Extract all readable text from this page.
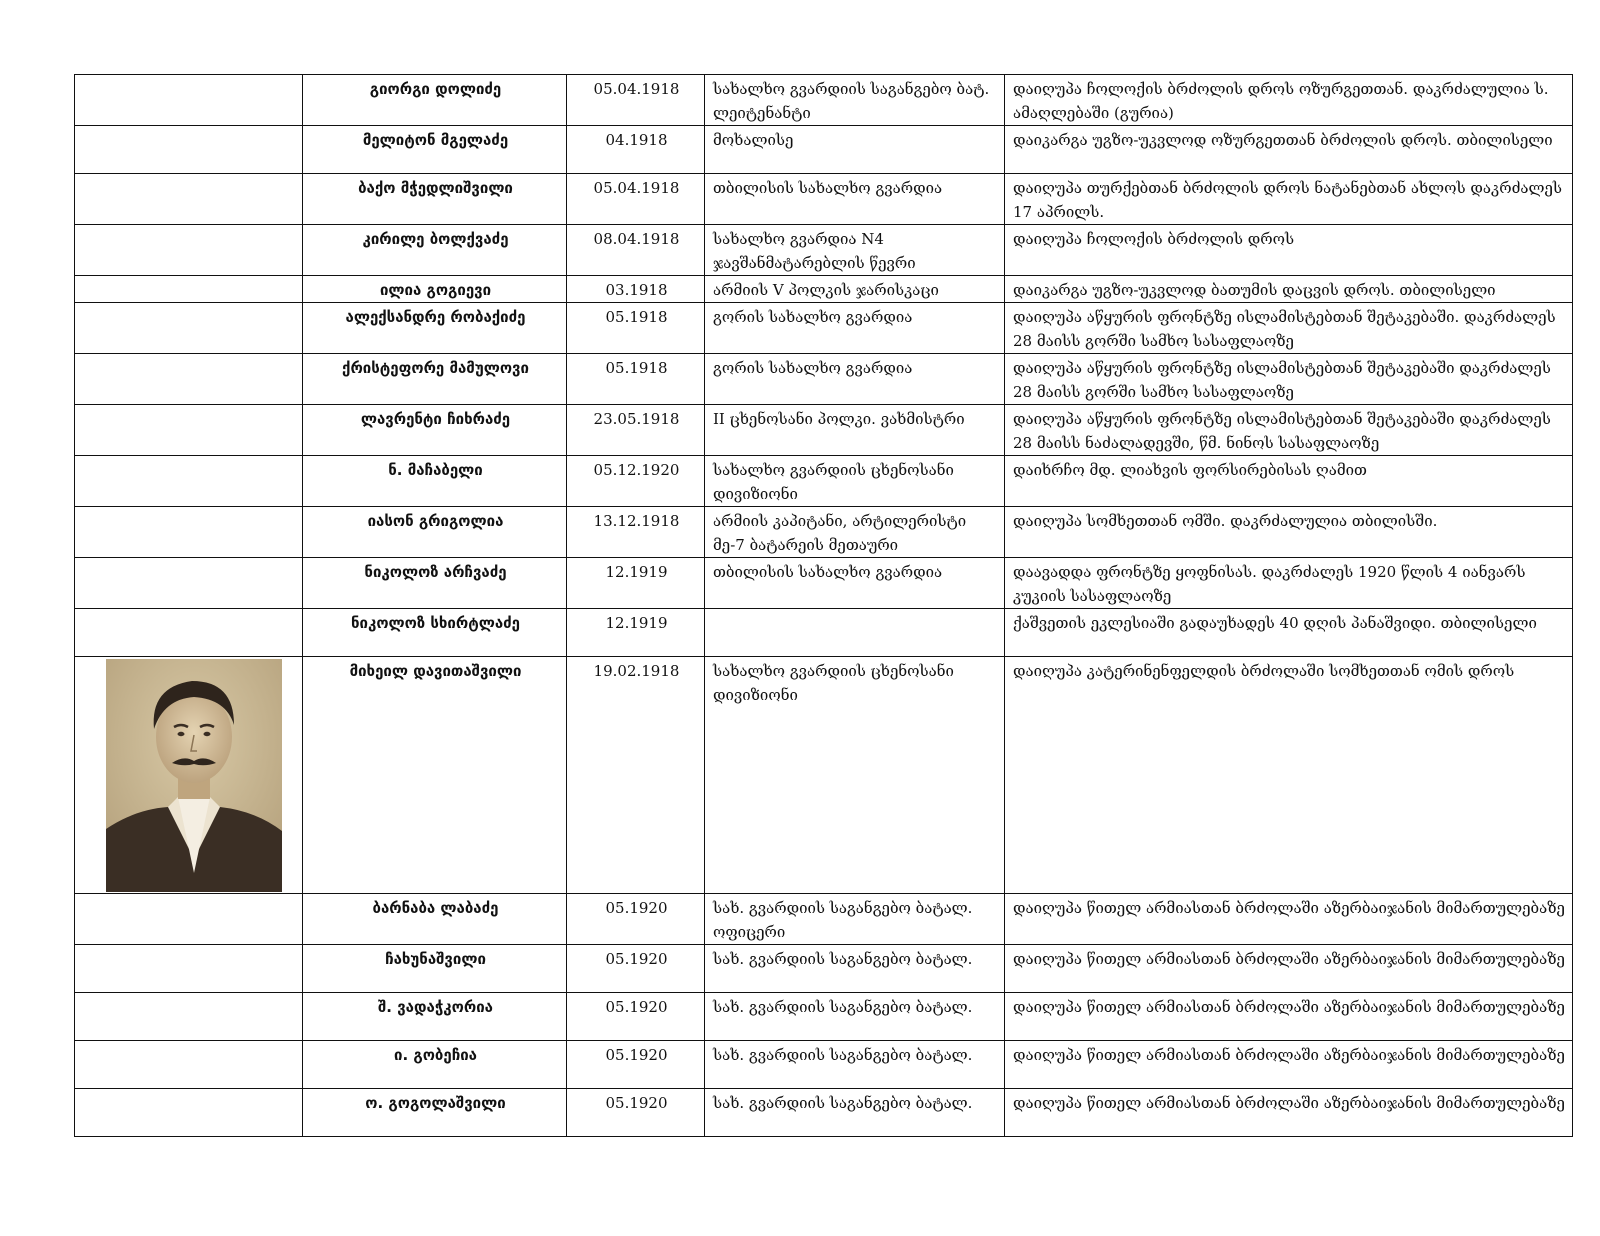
	გიორგი დოლიძე	05.04.1918	სახალხო გვარდიის საგანგებო ბატ. ლეიტენანტი	დაიღუპა ჩოლოქის ბრძოლის დროს ოზურგეთთან. დაკრძალულია ს. ამაღლებაში (გურია)
	მელიტონ მგელაძე	04.1918	მოხალისე	დაიკარგა უგზო-უკვლოდ ოზურგეთთან ბრძოლის დროს. თბილისელი
	ბაქო მჭედლიშვილი	05.04.1918	თბილისის სახალხო გვარდია	დაიღუპა თურქებთან ბრძოლის დროს ნატანებთან ახლოს დაკრძალეს 17 აპრილს.
	კირილე ბოლქვაძე	08.04.1918	სახალხო გვარდია N4 ჯავშანმატარებლის წევრი	დაიღუპა ჩოლოქის ბრძოლის დროს
	ილია გოგიევი	03.1918	არმიის V პოლკის ჯარისკაცი	დაიკარგა უგზო-უკვლოდ ბათუმის დაცვის დროს. თბილისელი
	ალექსანდრე რობაქიძე	05.1918	გორის სახალხო გვარდია	დაიღუპა აწყურის ფრონტზე ისლამისტებთან შეტაკებაში. დაკრძალეს 28 მაისს გორში სამხო სასაფლაოზე
	ქრისტეფორე მამულოვი	05.1918	გორის სახალხო გვარდია	დაიღუპა აწყურის ფრონტზე ისლამისტებთან შეტაკებაში დაკრძალეს 28 მაისს გორში სამხო სასაფლაოზე
	ლავრენტი ჩიხრაძე	23.05.1918	II ცხენოსანი პოლკი. ვახმისტრი	დაიღუპა აწყურის ფრონტზე ისლამისტებთან შეტაკებაში დაკრძალეს 28 მაისს ნაძალადევში, წმ. ნინოს სასაფლაოზე
	ნ. მაჩაბელი	05.12.1920	სახალხო გვარდიის ცხენოსანი დივიზიონი	დაიხრჩო მდ. ლიახვის ფორსირებისას ღამით
	იასონ გრიგოლია	13.12.1918	არმიის კაპიტანი, არტილერისტი მე-7 ბატარეის მეთაური	დაიღუპა სომხეთთან ომში. დაკრძალულია თბილისში.
	ნიკოლოზ არჩვაძე	12.1919	თბილისის სახალხო გვარდია	დაავადდა ფრონტზე ყოფნისას. დაკრძალეს 1920 წლის 4 იანვარს კუკიის სასაფლაოზე
	ნიკოლოზ სხირტლაძე	12.1919		ქაშვეთის ეკლესიაში გადაუხადეს 40 დღის პანაშვიდი. თბილისელი

	მიხეილ დავითაშვილი	19.02.1918	სახალხო გვარდიის ცხენოსანი დივიზიონი	დაიღუპა კატერინენფელდის ბრძოლაში სომხეთთან ომის დროს
	ბარნაბა ლაბაძე	05.1920	სახ. გვარდიის საგანგებო ბატალ. ოფიცერი	დაიღუპა წითელ არმიასთან ბრძოლაში აზერბაიჯანის მიმართულებაზე
	ჩახუნაშვილი	05.1920	სახ. გვარდიის საგანგებო ბატალ.	დაიღუპა წითელ არმიასთან ბრძოლაში აზერბაიჯანის მიმართულებაზე
	შ. ვადაჭკორია	05.1920	სახ. გვარდიის საგანგებო ბატალ.	დაიღუპა წითელ არმიასთან ბრძოლაში აზერბაიჯანის მიმართულებაზე
	ი. გობეჩია	05.1920	სახ. გვარდიის საგანგებო ბატალ.	დაიღუპა წითელ არმიასთან ბრძოლაში აზერბაიჯანის მიმართულებაზე
	ო. გოგოლაშვილი	05.1920	სახ. გვარდიის საგანგებო ბატალ.	დაიღუპა წითელ არმიასთან ბრძოლაში აზერბაიჯანის მიმართულებაზე
